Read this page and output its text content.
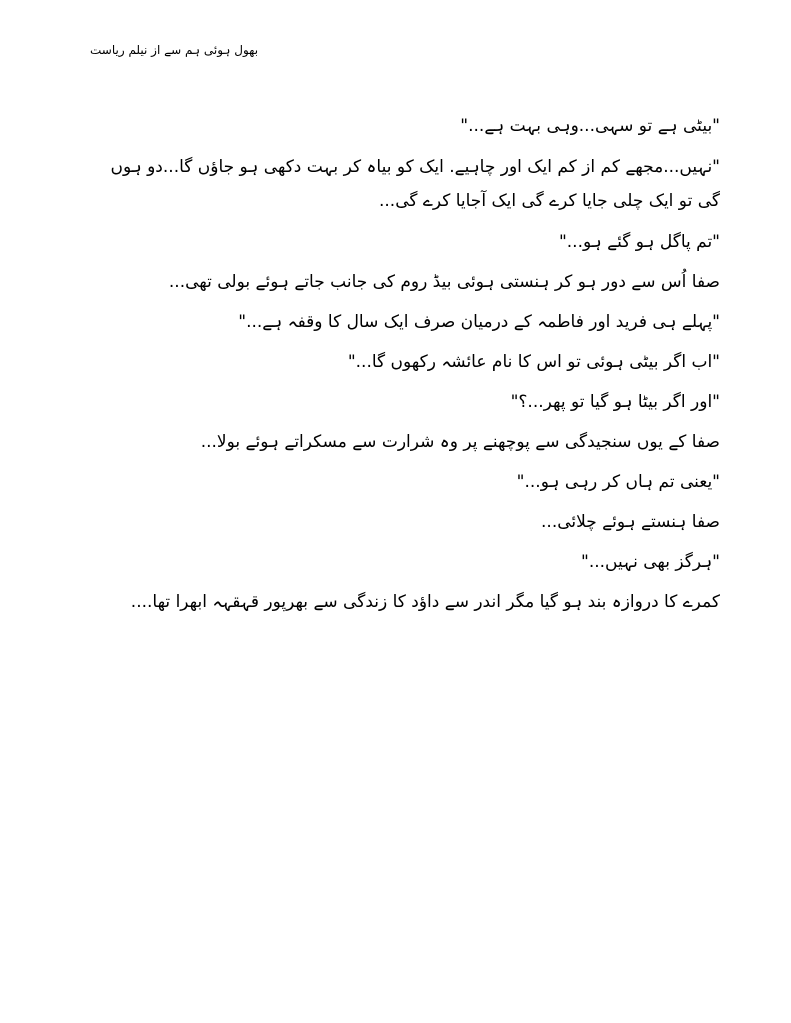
بھول ہوئی ہم سے از نیلم ریاست

"بیٹی ہے تو سہی...وہی بہت ہے..."

"نہیں...مجھے کم از کم ایک اور چاہیے. ایک کو بیاہ کر بہت دکھی ہو جاؤں گا...دو ہوں گی تو ایک چلی جایا کرے گی ایک آجایا کرے گی...

"تم پاگل ہو گئے ہو..."

صفا اُس سے دور ہو کر ہنستی ہوئی بیڈ روم کی جانب جاتے ہوئے بولی تھی...

"پہلے ہی فرید اور فاطمہ کے درمیان صرف ایک سال کا وقفہ ہے..."

"اب اگر بیٹی ہوئی تو اس کا نام عائشہ رکھوں گا..."

"اور اگر بیٹا ہو گیا تو پھر...؟"

صفا کے یوں سنجیدگی سے پوچھنے پر وہ شرارت سے مسکراتے ہوئے بولا...

"یعنی تم ہاں کر رہی ہو..."

صفا ہنستے ہوئے چلائی...

"ہرگز بھی نہیں..."

کمرے کا دروازہ بند ہو گیا مگر اندر سے داؤد کا زندگی سے بھرپور قہقہہ ابھرا تھا....
